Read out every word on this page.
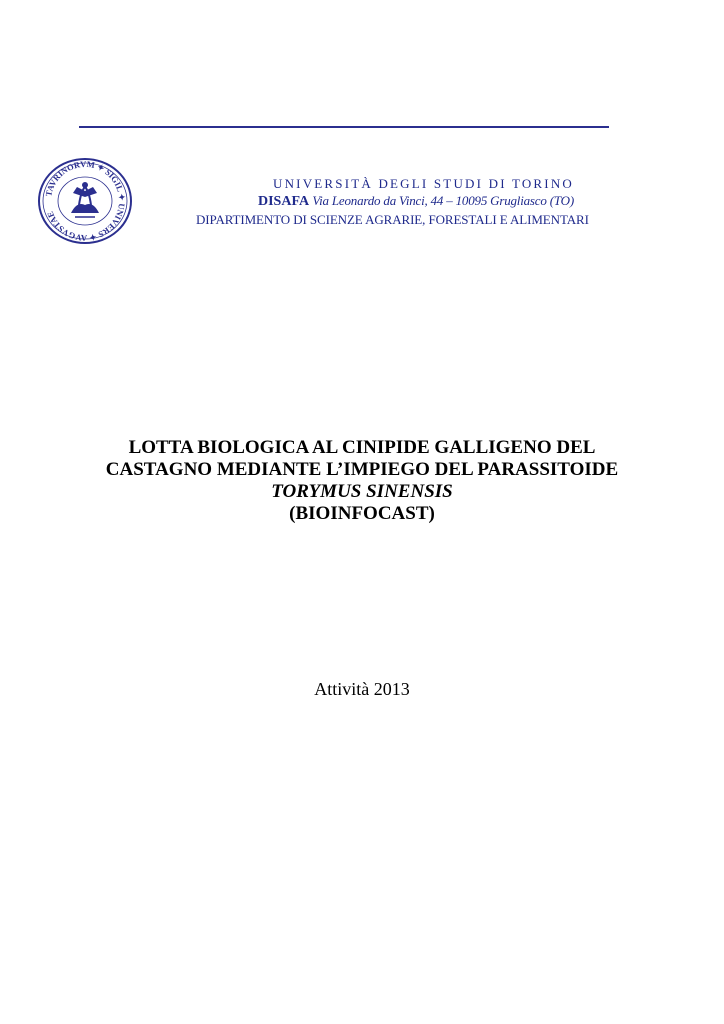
TAVRINORVM ✦ SIGIL ✦ UNIVERS ✦ AVGVSTAE
UNIVERSITÀ DEGLI STUDI DI TORINO
DISAFA Via Leonardo da Vinci, 44 – 10095 Grugliasco (TO)
DIPARTIMENTO DI SCIENZE AGRARIE, FORESTALI E ALIMENTARI
LOTTA BIOLOGICA AL CINIPIDE GALLIGENO DEL
CASTAGNO MEDIANTE L’IMPIEGO DEL PARASSITOIDE
TORYMUS SINENSIS
(BIOINFOCAST)
Attività 2013
